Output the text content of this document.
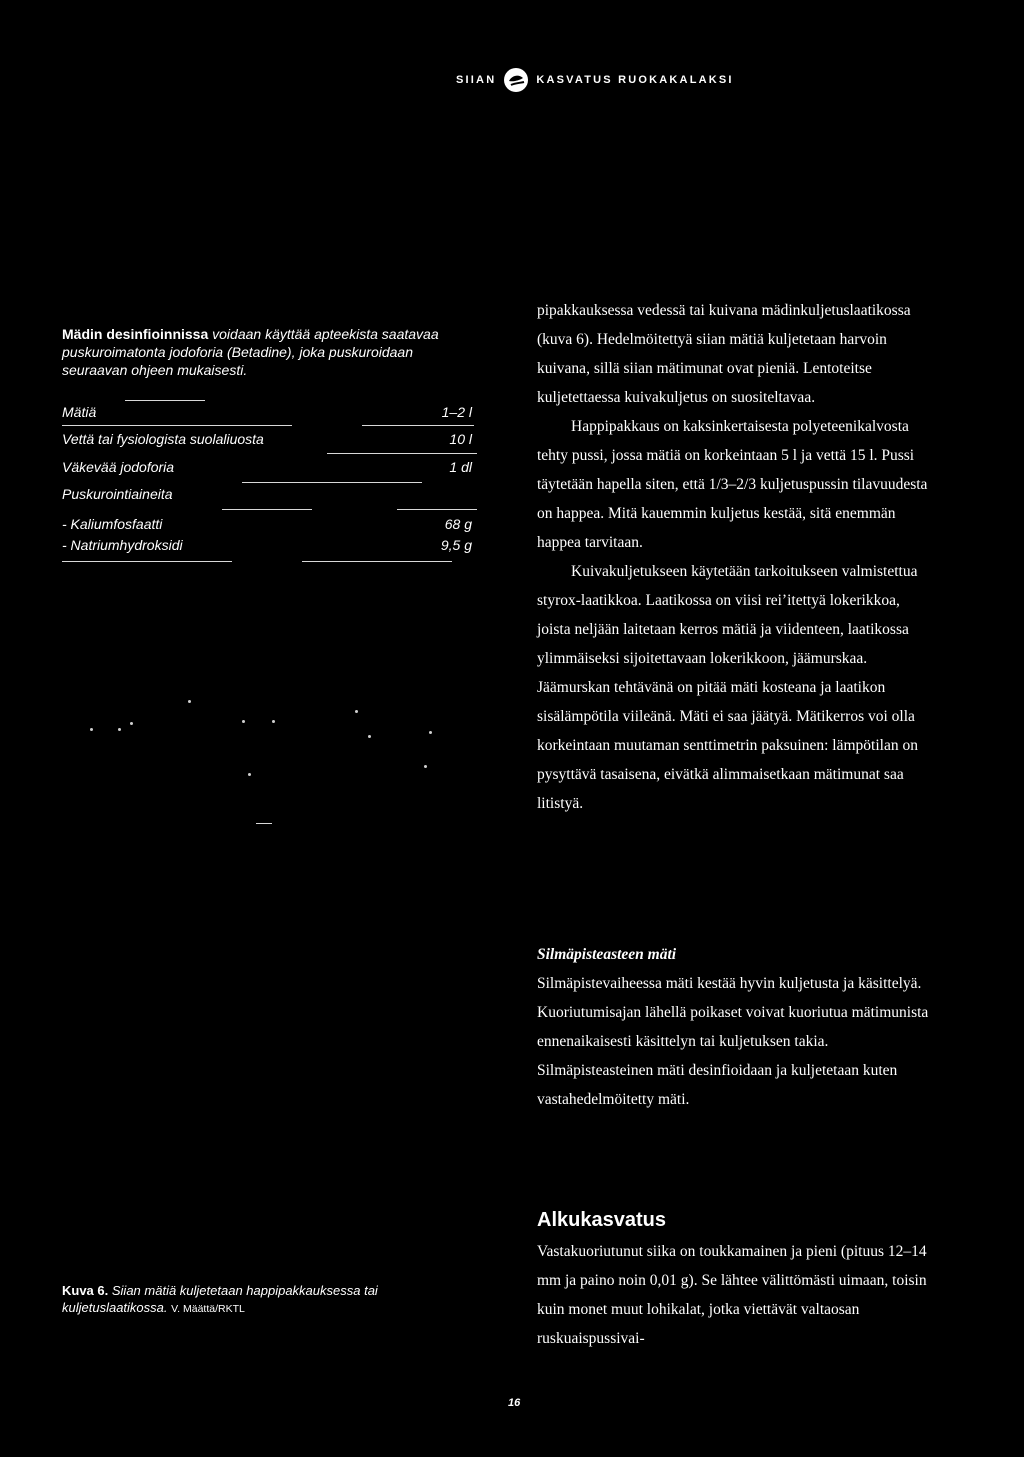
SIIAN	KASVATUS RUOKAKALAKSI
Mädin desinfioinnissa voidaan käyttää apteekista saatavaa puskuroimatonta jodoforia (Betadine), joka puskuroidaan seuraavan ohjeen mukaisesti.
Mätiä	1–2 l
Vettä tai fysiologista suolaliuosta	10 l
Väkevää jodoforia	1 dl
Puskurointiaineita
- Kaliumfosfaatti	68 g
- Natriumhydroksidi	9,5 g

pipakkauksessa vedessä tai kuivana mädinkuljetuslaatikossa (kuva 6). Hedelmöitettyä siian mätiä kuljetetaan harvoin kuivana, sillä siian mätimunat ovat pieniä. Lentoteitse kuljetettaessa kuivakuljetus on suositeltavaa.

Happipakkaus on kaksinkertaisesta polyeteenikalvosta tehty pussi, jossa mätiä on korkeintaan 5 l ja vettä 15 l. Pussi täytetään hapella siten, että 1/3–2/3 kuljetuspussin tilavuudesta on happea. Mitä kauemmin kuljetus kestää, sitä enemmän happea tarvitaan.

Kuivakuljetukseen käytetään tarkoitukseen valmistettua styrox-laatikkoa. Laatikossa on viisi rei’itettyä lokerikkoa, joista neljään laitetaan kerros mätiä ja viidenteen, laatikossa ylimmäiseksi sijoitettavaan lokerikkoon, jäämurskaa. Jäämurskan tehtävänä on pitää mäti kosteana ja laatikon sisälämpötila viileänä. Mäti ei saa jäätyä. Mätikerros voi olla korkeintaan muutaman senttimetrin paksuinen: lämpötilan on pysyttävä tasaisena, eivätkä alimmaisetkaan mätimunat saa litistyä.

Silmäpisteasteen mäti

Silmäpistevaiheessa mäti kestää hyvin kuljetusta ja käsittelyä. Kuoriutumisajan lähellä poikaset voivat kuoriutua mätimunista ennenaikaisesti käsittelyn tai kuljetuksen takia. Silmäpisteasteinen mäti desinfioidaan ja kuljetetaan kuten vastahedelmöitetty mäti.

Alkukasvatus

Vastakuoriutunut siika on toukkamainen ja pieni (pituus 12–14 mm ja paino noin 0,01 g). Se lähtee välittömästi uimaan, toisin kuin monet muut lohikalat, jotka viettävät valtaosan ruskuaispussivai-

Kuva 6. Siian mätiä kuljetetaan happipakkauksessa tai kuljetuslaatikossa. V. Määttä/RKTL
16
